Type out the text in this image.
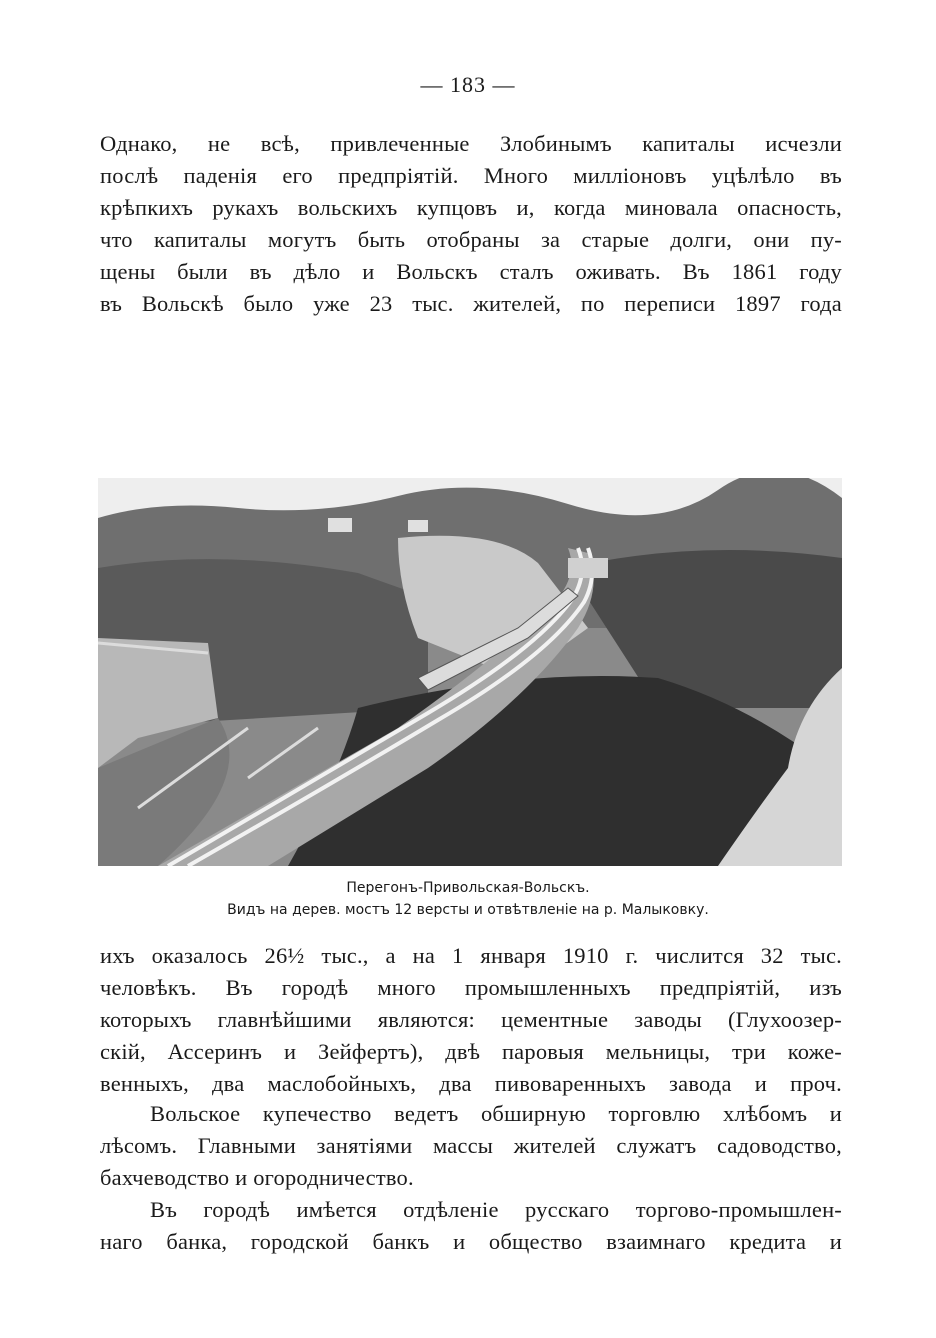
— 183 —
Однако, не всѣ, привлеченные Злобинымъ капиталы исчезли
послѣ паденія его предпріятій. Много милліоновъ уцѣлѣло въ
крѣпкихъ рукахъ вольскихъ купцовъ и, когда миновала опасность,
что капиталы могутъ быть отобраны за старые долги, они пу-
щены были въ дѣло и Вольскъ сталъ оживать. Въ 1861 году
въ Вольскѣ было уже 23 тыс. жителей, по переписи 1897 года
Перегонъ-Привольская-Вольскъ.
Видъ на дерев. мостъ 12 версты и отвѣтвленіе на р. Малыковку.
ихъ оказалось 26½ тыс., а на 1 января 1910 г. числится 32 тыс.
человѣкъ. Въ городѣ много промышленныхъ предпріятій, изъ
которыхъ главнѣйшими являются: цементные заводы (Глухоозер-
скій, Ассеринъ и Зейфертъ), двѣ паровыя мельницы, три коже-
венныхъ, два маслобойныхъ, два пивоваренныхъ завода и проч.
Вольское купечество ведетъ обширную торговлю хлѣбомъ и
лѣсомъ. Главными занятіями массы жителей служатъ садоводство,
бахчеводство и огородничество.
Въ городѣ имѣется отдѣленіе русскаго торгово-промышлен-
наго банка, городской банкъ и общество взаимнаго кредита и
